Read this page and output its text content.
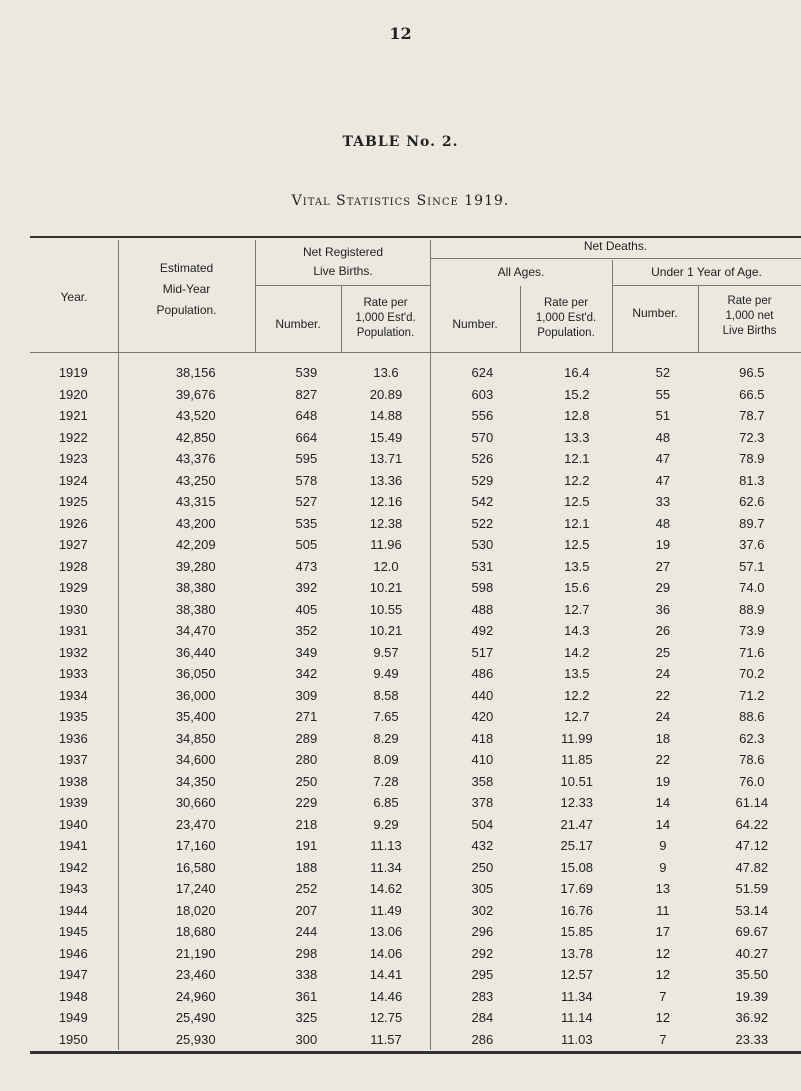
12
TABLE No. 2.
Vital Statistics Since 1919.
Year.
Estimated
Mid-Year
Population.
Net Registered
Live Births.
Number.
Rate per
1,000 Est'd.
Population.
Net Deaths.
All Ages.	Under 1 Year of Age.
Number.
Rate per
1,000 Est'd.
Population.
Number.
Rate per
1,000 net
Live Births
1919	38,156	539	13.6	624	16.4	52	96.5
1920	39,676	827	20.89	603	15.2	55	66.5
1921	43,520	648	14.88	556	12.8	51	78.7
1922	42,850	664	15.49	570	13.3	48	72.3
1923	43,376	595	13.71	526	12.1	47	78.9
1924	43,250	578	13.36	529	12.2	47	81.3
1925	43,315	527	12.16	542	12.5	33	62.6
1926	43,200	535	12.38	522	12.1	48	89.7
1927	42,209	505	11.96	530	12.5	19	37.6
1928	39,280	473	12.0	531	13.5	27	57.1
1929	38,380	392	10.21	598	15.6	29	74.0
1930	38,380	405	10.55	488	12.7	36	88.9
1931	34,470	352	10.21	492	14.3	26	73.9
1932	36,440	349	9.57	517	14.2	25	71.6
1933	36,050	342	9.49	486	13.5	24	70.2
1934	36,000	309	8.58	440	12.2	22	71.2
1935	35,400	271	7.65	420	12.7	24	88.6
1936	34,850	289	8.29	418	11.99	18	62.3
1937	34,600	280	8.09	410	11.85	22	78.6
1938	34,350	250	7.28	358	10.51	19	76.0
1939	30,660	229	6.85	378	12.33	14	61.14
1940	23,470	218	9.29	504	21.47	14	64.22
1941	17,160	191	11.13	432	25.17	9	47.12
1942	16,580	188	11.34	250	15.08	9	47.82
1943	17,240	252	14.62	305	17.69	13	51.59
1944	18,020	207	11.49	302	16.76	11	53.14
1945	18,680	244	13.06	296	15.85	17	69.67
1946	21,190	298	14.06	292	13.78	12	40.27
1947	23,460	338	14.41	295	12.57	12	35.50
1948	24,960	361	14.46	283	11.34	7	19.39
1949	25,490	325	12.75	284	11.14	12	36.92
1950	25,930	300	11.57	286	11.03	7	23.33
